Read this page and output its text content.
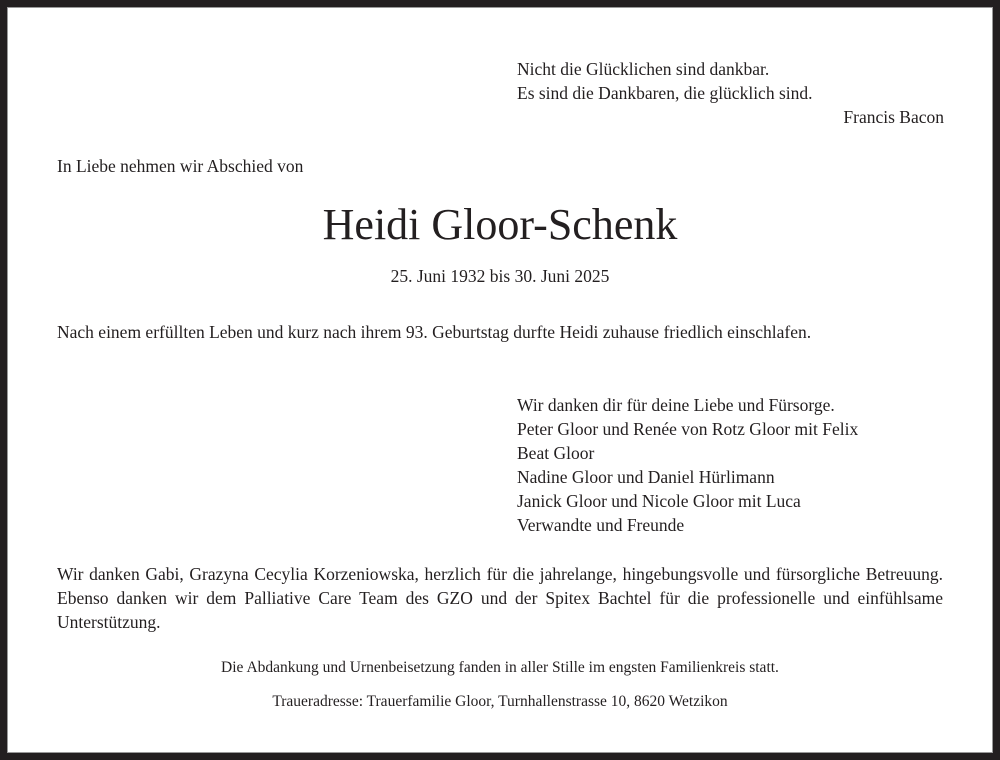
Nicht die Glücklichen sind dankbar.
Es sind die Dankbaren, die glücklich sind.
Francis Bacon
In Liebe nehmen wir Abschied von
Heidi Gloor-Schenk
25. Juni 1932 bis 30. Juni 2025
Nach einem erfüllten Leben und kurz nach ihrem 93. Geburtstag durfte Heidi zuhause friedlich einschlafen.
Wir danken dir für deine Liebe und Fürsorge.
Peter Gloor und Renée von Rotz Gloor mit Felix
Beat Gloor
Nadine Gloor und Daniel Hürlimann
Janick Gloor und Nicole Gloor mit Luca
Verwandte und Freunde
Wir danken Gabi, Grazyna Cecylia Korzeniowska, herzlich für die jahrelange, hingebungsvolle und fürsorgliche Betreuung. Ebenso danken wir dem Palliative Care Team des GZO und der Spitex Bachtel für die professionelle und einfühlsame Unterstützung.
Die Abdankung und Urnenbeisetzung fanden in aller Stille im engsten Familienkreis statt.
Traueradresse: Trauerfamilie Gloor, Turnhallenstrasse 10, 8620 Wetzikon
